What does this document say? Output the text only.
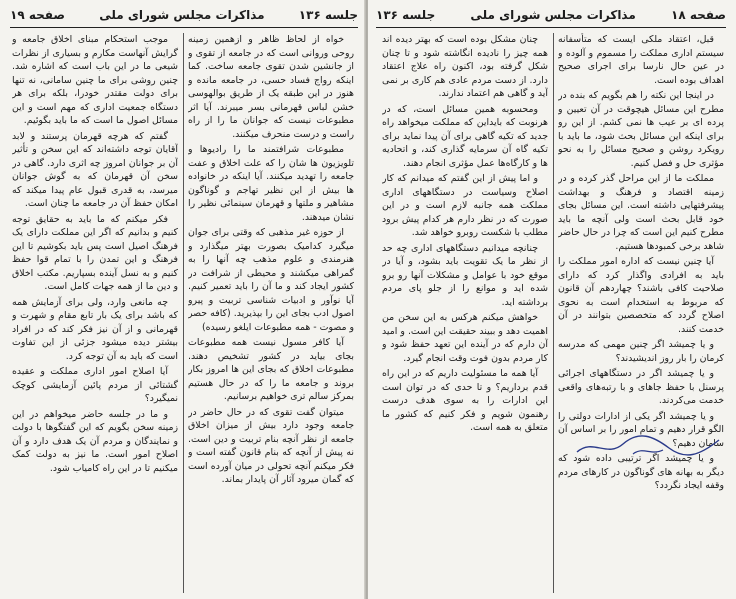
جلسه ۱۳۶
مذاکرات مجلس شورای ملی
صفحه ۱۹

خواه از لحاظ ظاهر و ازهمین زمینه روحی وروانی است که در جامعه از تقوی و از جانشین شدن تقوی جامعه ساخت. کما اینکه رواج فساد حسی، در جامعه مانده و هنوز در این طبقه یک از طریق بوالهوسی خشن لباس قهرمانی بسر میبرند. آیا اثر مطبوعات نیست که جوانان ما را از راه راست و درست منحرف میکنند.

مطبوعات شرافتمند ما را رادیوها و تلویزیون ها شان را که علت اخلاق و عفت جامعه را تهدید میکنند. آیا اینکه در خانواده ها بیش از این نظیر تهاجم و گوناگون مشاهیر و ملتها و قهرمان سینمائی نظیر را نشان میدهند.

از حوزه غیر مذهبی که وقتی برای جوان میگیرد کدامیک بصورت بهتر میگذارد و هنرمندی و علوم مذهب چه آنها را به گمراهی میکشند و محیطی از شرافت در کشور ایجاد کند و ما آن را باید تعمیر کنیم. آیا نوآور و ادبیات شناسی تربیت و پیرو اصول ادب بجای این را بپذیرید. (کافه حصر و مصوت - همه مطبوعات ایلغو رسیده)

آیا کافر مسول نیست همه مطبوعات بجای بیاید در کشور تشخیص دهند. مطبوعات اخلاق که بجای این ها امروز بکار بروند و جامعه ما را که در حال هستیم بمرکز سالم تری خواهیم برسانیم.

میتوان گفت تقوی که در حال حاضر در جامعه وجود دارد بیش از میزان اخلاق جامعه از نظر آنچه بنام تربیت و دین است. نه پیش از آنچه که بنام قانون گفته است و فکر میکنم آنچه تحولی در میان آورده است که گمان میرود آثار آن پایدار بماند.

موجب استحکام مبنای اخلاق جامعه و گرایش آنهاست مکارم و بسیاری از نظرات شیعی ما در این باب است که اشاره شد. چنین روشی برای ما چنین سامانی، نه تنها برای دولت مقتدر خودرا، بلکه برای هر دستگاه جمعیت اداری که مهم است و این مسائل اصول ما است که ما باید بگوئیم.

گفتم که هرچه قهرمان پرستند و لابد آقایان توجه داشته‌اند که این سخن و تأثیر آن بر جوانان امروز چه اثری دارد. گاهی در سخن آن قهرمان که به گوش جوانان میرسد، به قدری قبول عام پیدا میکند که امکان حفظ آن در جامعه ما چنان است.

فکر میکنم که ما باید به حقایق توجه کنیم و بدانیم که اگر این مملکت دارای یک فرهنگ اصیل است پس باید بکوشیم تا این فرهنگ و این تمدن را با تمام قوا حفظ کنیم و به نسل آینده بسپاریم. مکتب اخلاق و دین ما از همه جهات کامل است.

چه مانعی وارد، ولی برای آزمایش همه که باشد برای یک بار تابع مقام و شهرت و قهرمانی و از آن نیز فکر کند که در افراد بیشتر دیده میشود جزئی از این تفاوت است که باید به آن توجه کرد.

آیا اصلاح امور اداری مملکت و عقیده گشتائی از مردم پائین آزمایشی کوچک نمیگیرد؟

و ما در جلسه حاضر میخواهم در این زمینه سخن بگویم که این گفتگوها با دولت و نمایندگان و مردم آن یک هدف دارد و آن اصلاح امور است. ما نیز به دولت کمک میکنیم تا در این راه کامیاب شود.

صفحه ۱۸
مذاکرات مجلس شورای ملی
جلسه ۱۳۶

قبل، اعتقاد ملکی ایست که متأسفانه سیستم اداری مملکت را مسموم و آلوده و در عین حال نارسا برای اجرای صحیح اهداف بوده است.

در اینجا این نکته را هم بگویم که بنده در مطرح این مسائل هیچوقت در آن تعیین و پرده ای بر عیب ها نمی کشم. از این رو برای اینکه این مسائل بحث شود، ما باید با رویکرد روشن و صحیح مسائل را به نحو مؤثری حل و فصل کنیم.

مملکت ما از این مراحل گذر کرده و در زمینه اقتصاد و فرهنگ و بهداشت پیشرفتهایی داشته است. این مسائل بجای خود قابل بحث است ولی آنچه ما باید مطرح کنیم این است که چرا در حال حاضر شاهد برخی کمبودها هستیم.

آیا چنین نیست که اداره امور مملکت را باید به افرادی واگذار کرد که دارای صلاحیت کافی باشند؟ چهاردهم آن قانون که مربوط به استخدام است به نحوی اصلاح گردد که متخصصین بتوانند در آن خدمت کنند.

و یا چمیشد اگر چنین مهمی که مدرسه کرمان را بار روز اندیشیدند؟

و یا چمیشد اگر در دستگاههای اجرائی پرسنل با حفظ جاهای و با رتبه‌های واقعی خدمت می‌کردند.

و یا چمیشد اگر یکی از ادارات دولتی را الگو قرار دهیم و تمام امور را بر اساس آن سامان دهیم؟

و یا چمیشد اگر ترتیبی داده شود که دیگر به بهانه های گوناگون در کارهای مردم وقفه ایجاد نگردد؟

چنان مشکل بوده است که بهتر دیده اند همه چیز را نادیده انگاشته شود و تا چنان شکل گرفته بود، اکنون راه علاج اعتقاد دارد. از دست مردم عادی هم کاری بر نمی آید و گاهی هم اعتماد ندارند.

ومحسوبه همین مسائل است، که در هرنوبت که بایداین که مملکت میخواهد راه جدید که تکیه گاهی برای آن پیدا نماید برای تکیه گاه آن سرمایه گذاری کند، و اتحادیه ها و کارگاه‌ها عمل مؤثری انجام دهند.

و اما پیش از این گفتم که میدانم که کار اصلاح وسیاست در دستگاههای اداری مملکت همه جانبه لازم است و در این صورت که در نظر دارم هر کدام پیش برود مطلب با شکست روبرو خواهد شد.

چنانچه میدانیم دستگاههای اداری چه حد از نظر ما یک تقویت باید بشود، و آیا در موقع خود با عوامل و مشکلات آنها رو برو شده اید و موانع را از جلو پای مردم برداشته اید.

خواهش میکنم هرکس به این سخن من اهمیت دهد و ببیند حقیقت این است. و امید آن دارم که در آینده این تعهد حفظ شود و کار مردم بدون فوت وقت انجام گیرد.

آیا همه ما مسئولیت داریم که در این راه قدم برداریم؟ و تا حدی که در توان است این ادارات را به سوی هدف درست رهنمون شویم و فکر کنیم که کشور ما متعلق به همه است.
